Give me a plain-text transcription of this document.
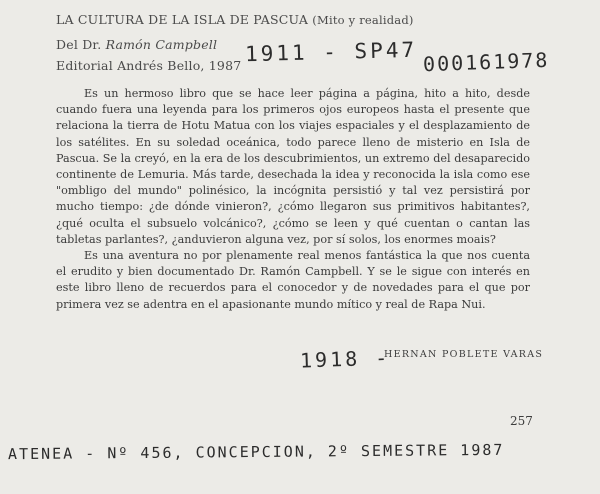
LA CULTURA DE LA ISLA DE PASCUA (Mito y realidad)
Del Dr. Ramón Campbell
Editorial Andrés Bello, 1987 1911 - SP47 000161978

Es un hermoso libro que se hace leer página a página, hito a hito, desde cuando fuera una leyenda para los primeros ojos europeos hasta el presente que relaciona la tierra de Hotu Matua con los viajes espaciales y el desplazamiento de los satélites. En su soledad oceánica, todo parece lleno de misterio en Isla de Pascua. Se la creyó, en la era de los descubrimientos, un extremo del desaparecido continente de Lemuria. Más tarde, desechada la idea y reconocida la isla como ese "ombligo del mundo" polinésico, la incógnita persistió y tal vez persistirá por mucho tiempo: ¿de dónde vinieron?, ¿cómo llegaron sus primitivos habitantes?, ¿qué oculta el subsuelo volcánico?, ¿cómo se leen y qué cuentan o cantan las tabletas parlantes?, ¿anduvieron alguna vez, por sí solos, los enormes moais?

Es una aventura no por plenamente real menos fantástica la que nos cuenta el erudito y bien documentado Dr. Ramón Campbell. Y se le sigue con interés en este libro lleno de recuerdos para el conocedor y de novedades para el que por primera vez se adentra en el apasionante mundo mítico y real de Rapa Nui.

1918 -
HERNAN POBLETE VARAS
257
ATENEA - Nº 456, CONCEPCION, 2º SEMESTRE 1987
